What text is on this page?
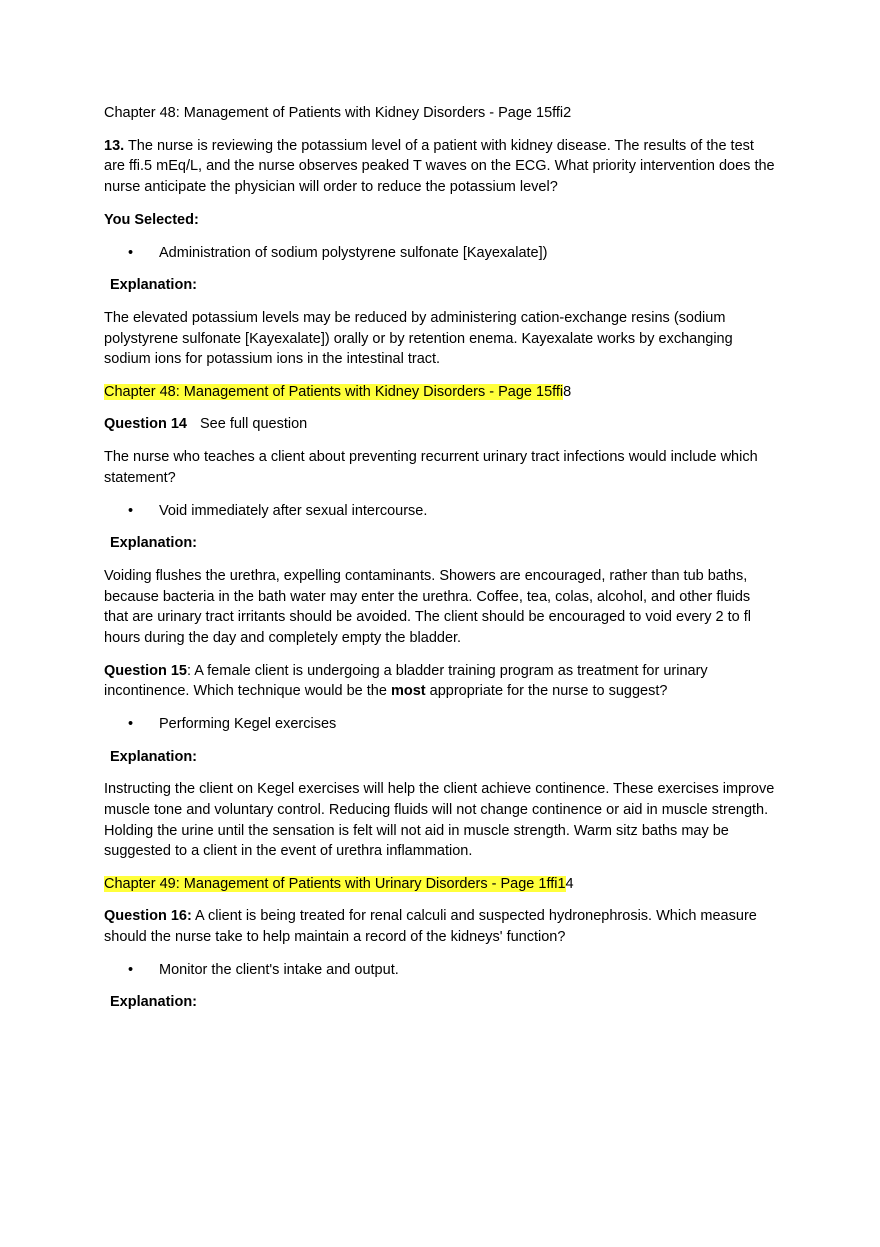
Chapter 48: Management of Patients with Kidney Disorders - Page 15ffi2

13. The nurse is reviewing the potassium level of a patient with kidney disease. The results of the test are ffi.5 mEq/L, and the nurse observes peaked T waves on the ECG. What priority intervention does the nurse anticipate the physician will order to reduce the potassium level?

You Selected:

• Administration of sodium polystyrene sulfonate [Kayexalate])

Explanation:

The elevated potassium levels may be reduced by administering cation-exchange resins (sodium polystyrene sulfonate [Kayexalate]) orally or by retention enema. Kayexalate works by exchanging sodium ions for potassium ions in the intestinal tract.

Chapter 48: Management of Patients with Kidney Disorders - Page 15ffi8

Question 14 See full question

The nurse who teaches a client about preventing recurrent urinary tract infections would include which statement?

• Void immediately after sexual intercourse.

Explanation:

Voiding flushes the urethra, expelling contaminants. Showers are encouraged, rather than tub baths, because bacteria in the bath water may enter the urethra. Coffee, tea, colas, alcohol, and other fluids that are urinary tract irritants should be avoided. The client should be encouraged to void every 2 to fl hours during the day and completely empty the bladder.

Question 15: A female client is undergoing a bladder training program as treatment for urinary incontinence. Which technique would be the most appropriate for the nurse to suggest?

• Performing Kegel exercises

Explanation:

Instructing the client on Kegel exercises will help the client achieve continence. These exercises improve muscle tone and voluntary control. Reducing fluids will not change continence or aid in muscle strength. Holding the urine until the sensation is felt will not aid in muscle strength. Warm sitz baths may be suggested to a client in the event of urethra inflammation.

Chapter 49: Management of Patients with Urinary Disorders - Page 1ffi14

Question 16: A client is being treated for renal calculi and suspected hydronephrosis. Which measure should the nurse take to help maintain a record of the kidneys' function?

• Monitor the client's intake and output.

Explanation:
